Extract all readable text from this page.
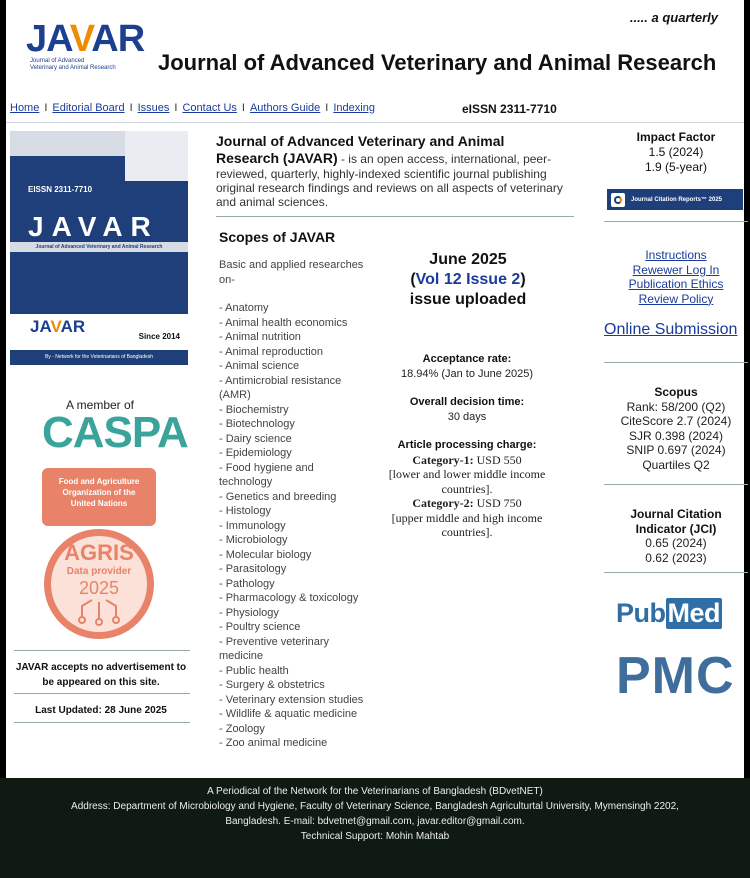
..... a quarterly
JAVAR
Journal of Advanced
Veterinary and Animal Research	Journal of Advanced Veterinary and Animal Research
Home I Editorial Board I Issues I Contact Us I Authors Guide I Indexing	eISSN 2311-7710
EISSN 2311-7710
JAVAR
Journal of Advanced Veterinary and Animal Research
JAVAR
Since 2014
By - Network for the Veterinarians of Bangladesh
A member of
CASPA
Food and Agriculture
Organization of the
United Nations
AGRIS
Data provider
2025
JAVAR accepts no advertisement to be appeared on this site.
Last Updated: 28 June 2025
Journal of Advanced Veterinary and Animal Research (JAVAR) - is an open access, international, peer-reviewed, quarterly, highly-indexed scientific journal publishing original research findings and reviews on all aspects of veterinary and animal sciences.
Scopes of JAVAR
Basic and applied researches on-
- Anatomy
- Animal health economics
- Animal nutrition
- Animal reproduction
- Animal science
- Antimicrobial resistance (AMR)
- Biochemistry
- Biotechnology
- Dairy science
- Epidemiology
- Food hygiene and technology
- Genetics and breeding
- Histology
- Immunology
- Microbiology
- Molecular biology
- Parasitology
- Pathology
- Pharmacology & toxicology
- Physiology
- Poultry science
- Preventive veterinary medicine
- Public health
- Surgery & obstetrics
- Veterinary extension studies
- Wildlife & aquatic medicine
- Zoology
- Zoo animal medicine
June 2025
(Vol 12 Issue 2)
issue uploaded
Acceptance rate:
18.94% (Jan to June 2025)
Overall decision time:
30 days
Article processing charge:
Category-1: USD 550
[lower and lower middle income countries].
Category-2: USD 750
[upper middle and high income countries].
Impact Factor
1.5 (2024)
1.9 (5-year)
Journal Citation Reports™ 2025
Instructions
Rewewer Log In
Publication Ethics
Review Policy
Online Submission
Scopus
Rank: 58/200 (Q2)
CiteScore 2.7 (2024)
SJR 0.398 (2024)
SNIP 0.697 (2024)
Quartiles Q2
Journal Citation Indicator (JCI)
0.65 (2024)
0.62 (2023)
PubMed
PMC
A Periodical of the Network for the Veterinarians of Bangladesh (BDvetNET)
Address: Department of Microbiology and Hygiene, Faculty of Veterinary Science, Bangladesh Agriculturtal University, Mymensingh 2202, Bangladesh. E-mail: bdvetnet@gmail.com, javar.editor@gmail.com.
Technical Support: Mohin Mahtab
